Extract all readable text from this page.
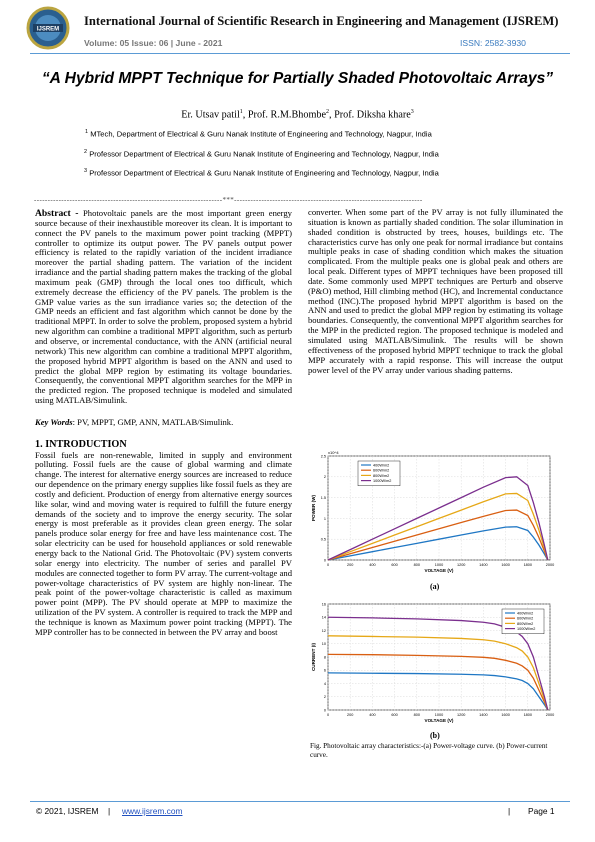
IJSREM
International Journal of Scientific Research in Engineering and Management (IJSREM)
Volume: 05 Issue: 06 | June - 2021	ISSN: 2582-3930
“A Hybrid MPPT Technique for Partially Shaded Photovoltaic Arrays”
Er. Utsav patil$^1$, Prof. R.M.Bhombe$^2$, Prof. Diksha khare$^3$
$^1$ MTech, Department of Electrical & Guru Nanak Institute of Engineering and Technology, Nagpur, India
$^2$ Professor Department of Electrical & Guru Nanak Institute of Engineering and Technology, Nagpur, India
$^3$ Professor Department of Electrical & Guru Nanak Institute of Engineering and Technology, Nagpur, India
---------------------------------------------------------------------***---------------------------------------------------------------------

Abstract - Photovoltaic panels are the most important green energy source because of their inexhaustible moreover its clean. It is important to connect the PV panels to the maximum power point tracking (MPPT) controller to optimize its output power. The PV panels output power efficiency is related to the rapidly variation of the incident irradiance moreover the partial shading pattern. The variation of the incident irradiance and the partial shading pattern makes the tracking of the global maximum peak (GMP) through the local ones too difficult, which extremely decrease the efficiency of the PV panels. The problem is the GMP value varies as the sun irradiance varies so; the detection of the GMP needs an efficient and fast algorithm which cannot be done by the traditional MPPT. In order to solve the problem, proposed system a hybrid new algorithm can combine a traditional MPPT algorithm, such as perturb and observe, or incremental conductance, with the ANN (artificial neural network) This new algorithm can combine a traditional MPPT algorithm, the proposed hybrid MPPT algorithm is based on the ANN and used to predict the global MPP region by estimating its voltage boundaries. Consequently, the conventional MPPT algorithm searches for the MPP in the predicted region. The proposed technique is modeled and simulated using MATLAB/Simulink.

Key Words: PV, MPPT, GMP, ANN, MATLAB/Simulink.

1. INTRODUCTION

Fossil fuels are non-renewable, limited in supply and environment polluting. Fossil fuels are the cause of global warming and climate change. The interest for alternative energy sources are increased to reduce our dependence on the primary energy supplies like fossil fuels as they are costly and deficient. Production of energy from alternative energy sources like solar, wind and moving water is required to fulfill the future energy demands of the society and to improve the energy security. The solar energy is most preferable as it provides clean green energy. The solar panels produce solar energy for free and have less maintenance cost. The solar electricity can be used for household appliances or sold renewable energy back to the National Grid. The Photovoltaic (PV) system converts solar energy into electricity. The number of series and parallel PV modules are connected together to form PV array. The current-voltage and power-voltage characteristics of PV system are highly non-linear. The peak point of the power-voltage characteristic is called as maximum power point (MPP). The PV should operate at MPP to maximize the utilization of the PV system. A controller is required to track the MPP and the technique is known as Maximum power point tracking (MPPT). The MPP controller has to be connected in between the PV array and boost

converter. When some part of the PV array is not fully illuminated the situation is known as partially shaded condition. The solar illumination in shaded condition is obstructed by trees, houses, buildings etc. The characteristics curve has only one peak for normal irradiance but contains multiple peaks in case of shading condition which makes the situation complicated. From the multiple peaks one is global peak and others are local peak. Different types of MPPT techniques have been proposed till date. Some commonly used MPPT techniques are Perturb and observe (P&O) method, Hill climbing method (HC), and Incremental conductance method (INC).The proposed hybrid MPPT algorithm is based on the ANN and used to predict the global MPP region by estimating its voltage boundaries. Consequently, the conventional MPPT algorithm searches for the MPP in the predicted region. The proposed technique is modeled and simulated using MATLAB/Simulink. The results will be shown effectiveness of the proposed hybrid MPPT technique to track the global MPP accurately with a rapid response. This will increase the output power level of the PV array under various shading patterns.

0	200	400	600	800	1000	1200	1400	1600	1800	2000
0
0.5
1
1.5
2
2.5
VOLTAGE (V)
POWER (W)
x10^4
400W/m2
600W/m2
800W/m2
1000W/m2
(a)
0	200	400	600	800	1000	1200	1400	1600	1800	2000
0
2
4
6
8
10
12
14
16
VOLTAGE (V)
CURRENT (I)
400W/m2
600W/m2
800W/m2
1000W/m2
(b)
Fig. Photovoltaic array characteristics:-(a) Power-voltage curve. (b) Power-current curve.
© 2021, IJSREM | www.ijsrem.com	| Page 1
